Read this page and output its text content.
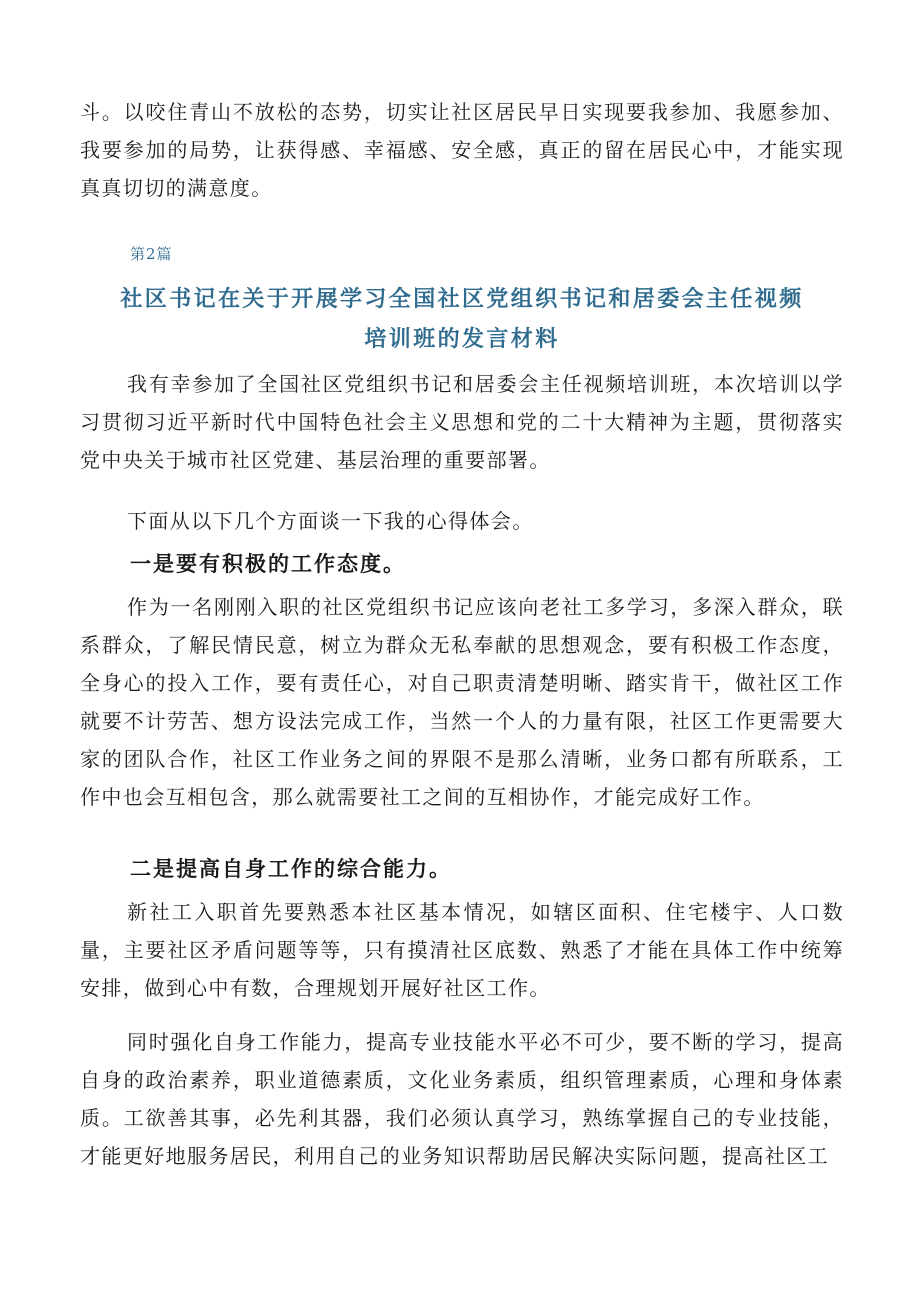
斗。以咬住青山不放松的态势，切实让社区居民早日实现要我参加、我愿参加、我要参加的局势，让获得感、幸福感、安全感，真正的留在居民心中，才能实现真真切切的满意度。

第2篇

社区书记在关于开展学习全国社区党组织书记和居委会主任视频
培训班的发言材料

我有幸参加了全国社区党组织书记和居委会主任视频培训班，本次培训以学习贯彻习近平新时代中国特色社会主义思想和党的二十大精神为主题，贯彻落实党中央关于城市社区党建、基层治理的重要部署。

下面从以下几个方面谈一下我的心得体会。

一是要有积极的工作态度。

作为一名刚刚入职的社区党组织书记应该向老社工多学习，多深入群众，联系群众，了解民情民意，树立为群众无私奉献的思想观念，要有积极工作态度，全身心的投入工作，要有责任心，对自己职责清楚明晰、踏实肯干，做社区工作就要不计劳苦、想方设法完成工作，当然一个人的力量有限，社区工作更需要大家的团队合作，社区工作业务之间的界限不是那么清晰，业务口都有所联系，工作中也会互相包含，那么就需要社工之间的互相协作，才能完成好工作。

二是提高自身工作的综合能力。

新社工入职首先要熟悉本社区基本情况，如辖区面积、住宅楼宇、人口数量，主要社区矛盾问题等等，只有摸清社区底数、熟悉了才能在具体工作中统筹安排，做到心中有数，合理规划开展好社区工作。

同时强化自身工作能力，提高专业技能水平必不可少，要不断的学习，提高自身的政治素养，职业道德素质，文化业务素质，组织管理素质，心理和身体素质。工欲善其事，必先利其器，我们必须认真学习，熟练掌握自己的专业技能，才能更好地服务居民，利用自己的业务知识帮助居民解决实际问题，提高社区工
